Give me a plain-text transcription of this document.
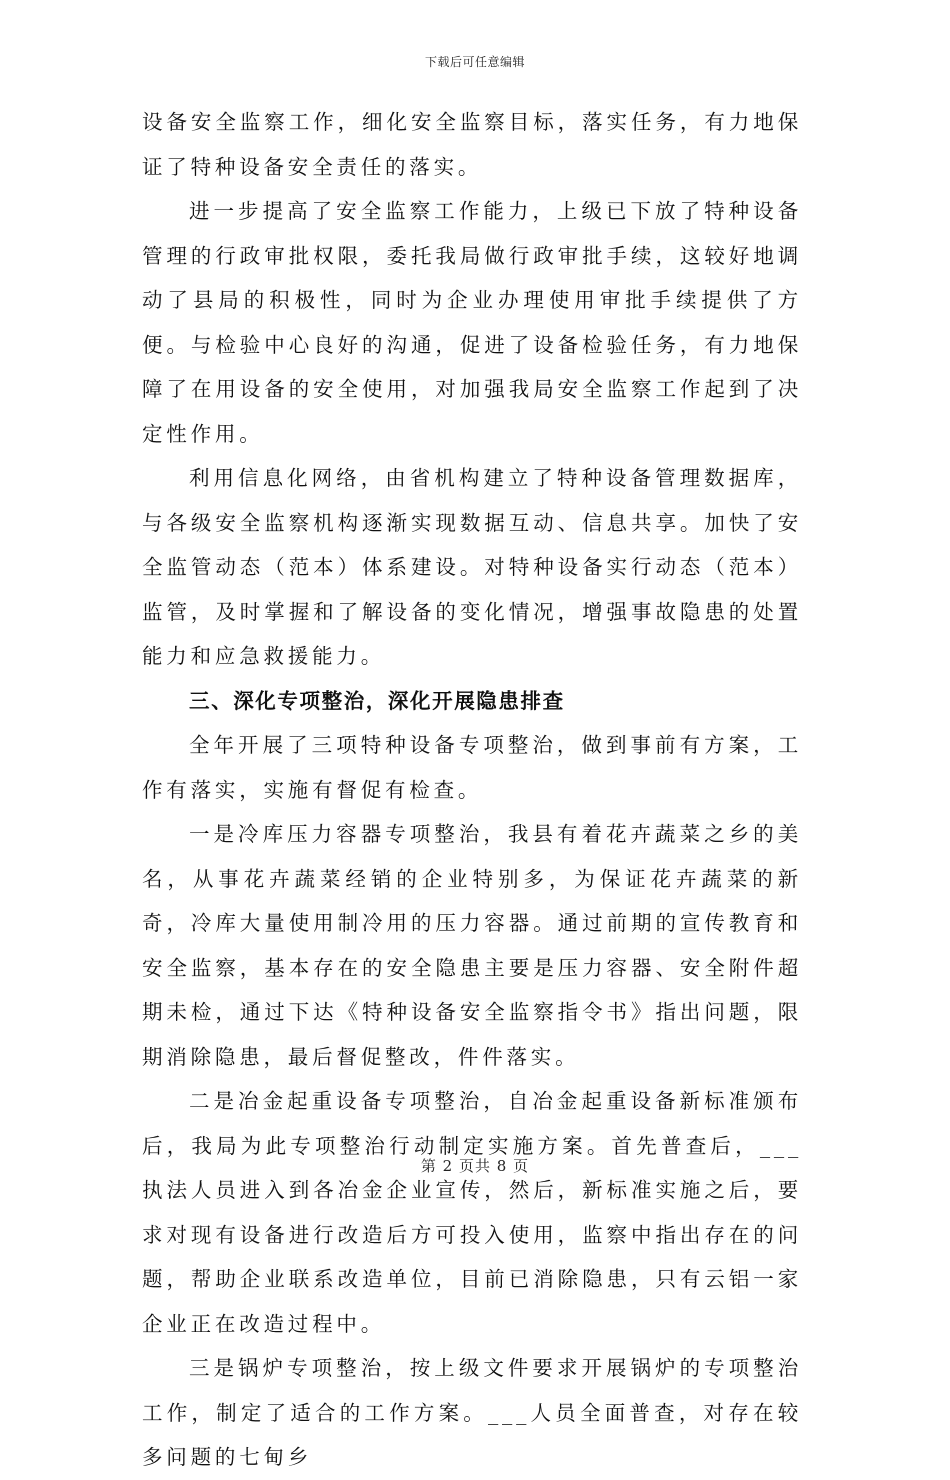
下载后可任意编辑

设备安全监察工作，细化安全监察目标，落实任务，有力地保证了特种设备安全责任的落实。

进一步提高了安全监察工作能力，上级已下放了特种设备管理的行政审批权限，委托我局做行政审批手续，这较好地调动了县局的积极性，同时为企业办理使用审批手续提供了方便。与检验中心良好的沟通，促进了设备检验任务，有力地保障了在用设备的安全使用，对加强我局安全监察工作起到了决定性作用。

利用信息化网络，由省机构建立了特种设备管理数据库，与各级安全监察机构逐渐实现数据互动、信息共享。加快了安全监管动态（范本）体系建设。对特种设备实行动态（范本）监管，及时掌握和了解设备的变化情况，增强事故隐患的处置能力和应急救援能力。

三、深化专项整治，深化开展隐患排查

全年开展了三项特种设备专项整治，做到事前有方案，工作有落实，实施有督促有检查。

一是冷库压力容器专项整治，我县有着花卉蔬菜之乡的美名，从事花卉蔬菜经销的企业特别多，为保证花卉蔬菜的新奇，冷库大量使用制冷用的压力容器。通过前期的宣传教育和安全监察，基本存在的安全隐患主要是压力容器、安全附件超期未检，通过下达《特种设备安全监察指令书》指出问题，限期消除隐患，最后督促整改，件件落实。

二是冶金起重设备专项整治，自冶金起重设备新标准颁布后，我局为此专项整治行动制定实施方案。首先普查后，___执法人员进入到各冶金企业宣传，然后，新标准实施之后，要求对现有设备进行改造后方可投入使用，监察中指出存在的问题，帮助企业联系改造单位，目前已消除隐患，只有云铝一家企业正在改造过程中。

三是锅炉专项整治，按上级文件要求开展锅炉的专项整治工作，制定了适合的工作方案。___人员全面普查，对存在较多问题的七甸乡

第 2 页共 8 页
